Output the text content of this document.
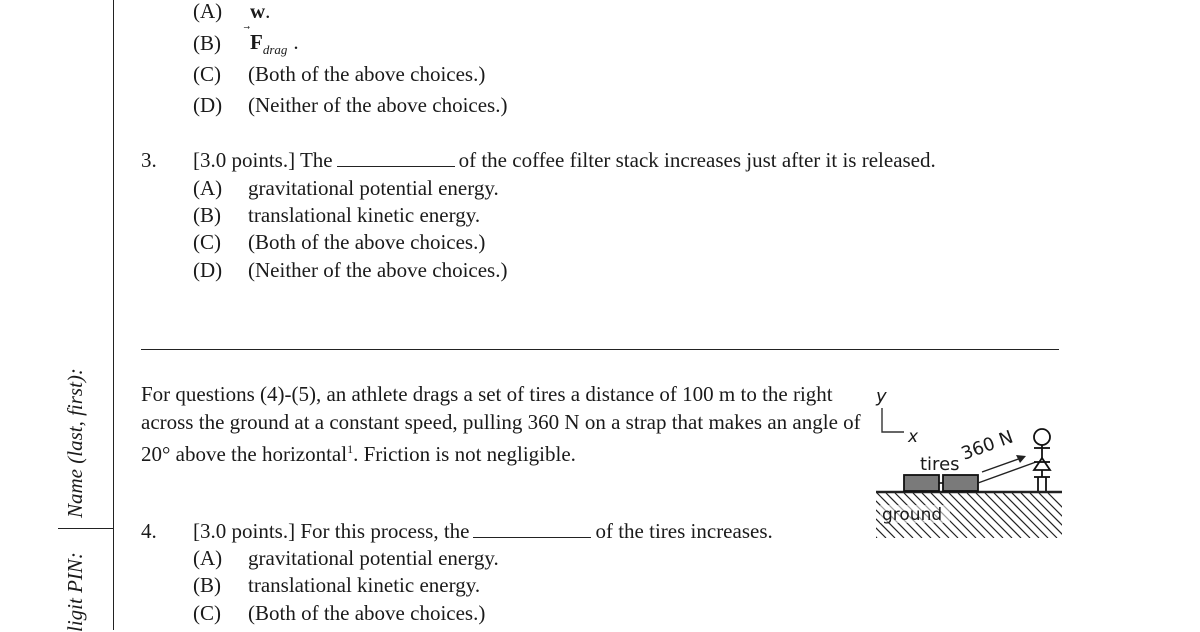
Name (last, first):
ligit PIN:
(A) w.
(B) $F_{drag}$ .
(C) (Both of the above choices.)
(D) (Neither of the above choices.)
3. [3.0 points.] The	of the coffee filter stack increases just after it is released.
(A) gravitational potential energy.
(B) translational kinetic energy.
(C) (Both of the above choices.)
(D) (Neither of the above choices.)
For questions (4)-(5), an athlete drags a set of tires a distance of 100 m to the right across the ground at a constant speed, pulling 360 N on a strap that makes an angle of 20° above the horizontal$^1$. Friction is not negligible.
y
x
ground
tires 360 N
4. [3.0 points.] For this process, the	of the tires increases.
(A) gravitational potential energy.
(B) translational kinetic energy.
(C) (Both of the above choices.)
